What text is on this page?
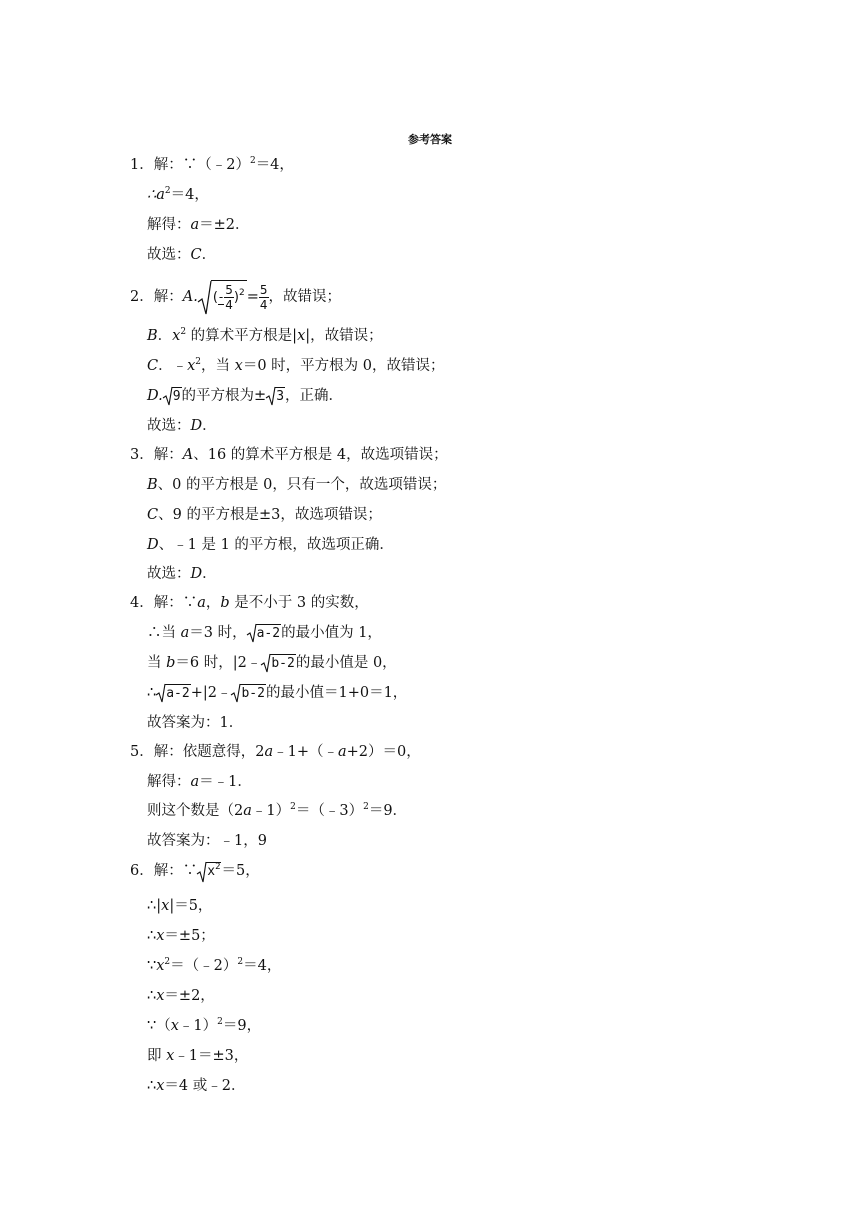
参考答案
1．解：∵（﹣2）$^2$＝4，
$\therefore a^2=4$，
解得：a＝±2．
故选：C．
2．解：A.
( - $\frac{5}{4} )^2 = \frac{5}{4}$ ，故错误；
B．$x^2$ 的算术平方根是|x|，故错误；
C．$﹣x^2$，当 x＝0 时，平方根为 0，故错误；
D. 9的平方根为± 3，正确．
故选：D．
3．解：A、16 的算术平方根是 4，故选项错误；
B、0 的平方根是 0，只有一个，故选项错误；
C、9 的平方根是±3，故选项错误；
D、﹣1 是 1 的平方根，故选项正确．
故选：D．
4．解：∵a，b 是不小于 3 的实数，
∴当 a＝3 时， a-2的最小值为 1，
当 b＝6 时，|2﹣ b-2的最小值是 0，
∴ a-2+|2﹣ b-2的最小值＝1+0＝1，
故答案为：1．
5．解：依题意得，2a﹣1+（﹣a+2）＝0，
解得：a＝﹣1．
则这个数是（2a﹣1）$^2$＝（﹣3）$^2$＝9．
故答案为：﹣1，9
6．解：∵ $x^2=5$，
∴|x|＝5，
∴x＝±5；
$\because x^2=(﹣2)^2=4$，
∴x＝±2，
∵（x﹣1）$^2$＝9，
即 x﹣1＝±3，
∴x＝4 或﹣2．
